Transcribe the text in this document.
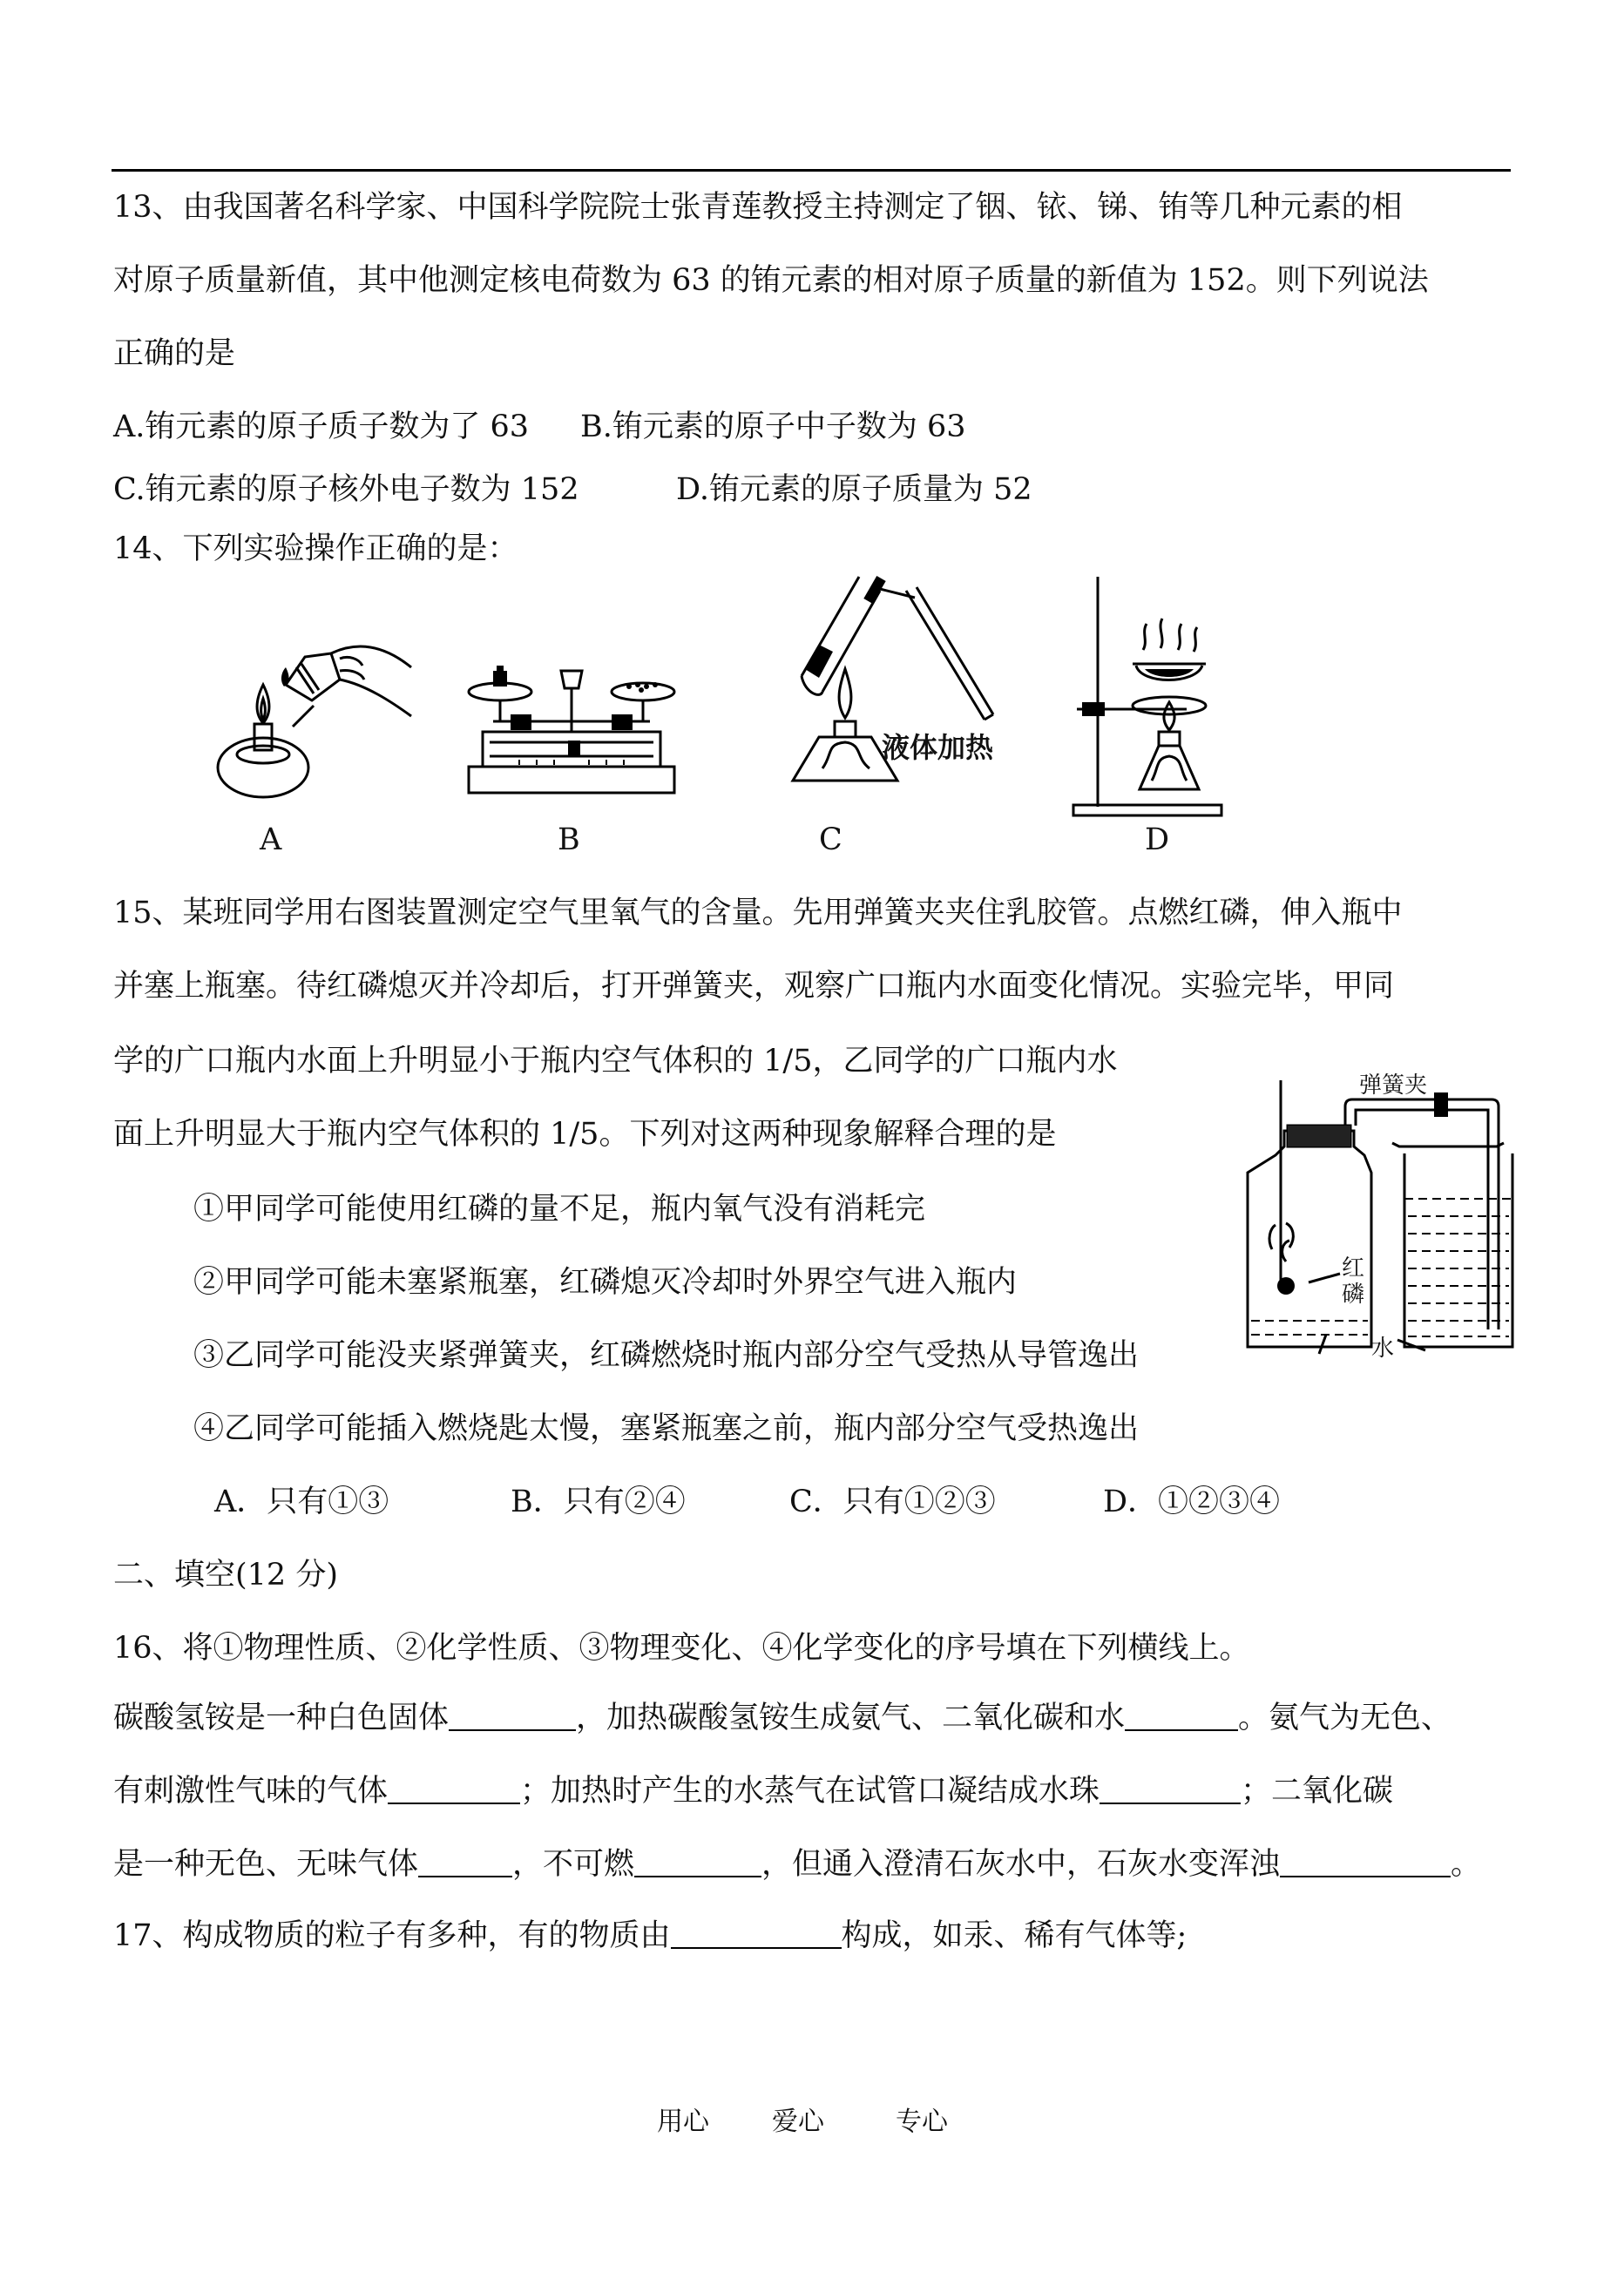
13、由我国著名科学家、中国科学院院士张青莲教授主持测定了铟、铱、锑、铕等几种元素的相
对原子质量新值，其中他测定核电荷数为 63 的铕元素的相对原子质量的新值为 152。则下列说法
正确的是
A.铕元素的原子质子数为了 63 B.铕元素的原子中子数为 63
C.铕元素的原子核外电子数为 152	D.铕元素的原子质量为 52
14、下列实验操作正确的是：
A	B
液体加热
C	D
15、某班同学用右图装置测定空气里氧气的含量。先用弹簧夹夹住乳胶管。点燃红磷，伸入瓶中
并塞上瓶塞。待红磷熄灭并冷却后，打开弹簧夹，观察广口瓶内水面变化情况。实验完毕，甲同
学的广口瓶内水面上升明显小于瓶内空气体积的 1/5，乙同学的广口瓶内水
面上升明显大于瓶内空气体积的 1/5。下列对这两种现象解释合理的是
①甲同学可能使用红磷的量不足，瓶内氧气没有消耗完
②甲同学可能未塞紧瓶塞，红磷熄灭冷却时外界空气进入瓶内
③乙同学可能没夹紧弹簧夹，红磷燃烧时瓶内部分空气受热从导管逸出
④乙同学可能插入燃烧匙太慢，塞紧瓶塞之前，瓶内部分空气受热逸出
A．只有①③	B．只有②④	C．只有①②③	D．①②③④
弹簧夹
红
磷
水
二、填空(12 分)
16、将①物理性质、②化学性质、③物理变化、④化学变化的序号填在下列横线上。
碳酸氢铵是一种白色固体	，加热碳酸氢铵生成氨气、二氧化碳和水	。氨气为无色、
有刺激性气味的气体	；加热时产生的水蒸气在试管口凝结成水珠	；二氧化碳
是一种无色、无味气体	，不可燃	，但通入澄清石灰水中，石灰水变浑浊	。
17、构成物质的粒子有多种，有的物质由	构成，如汞、稀有气体等;
用心 爱心	专心
